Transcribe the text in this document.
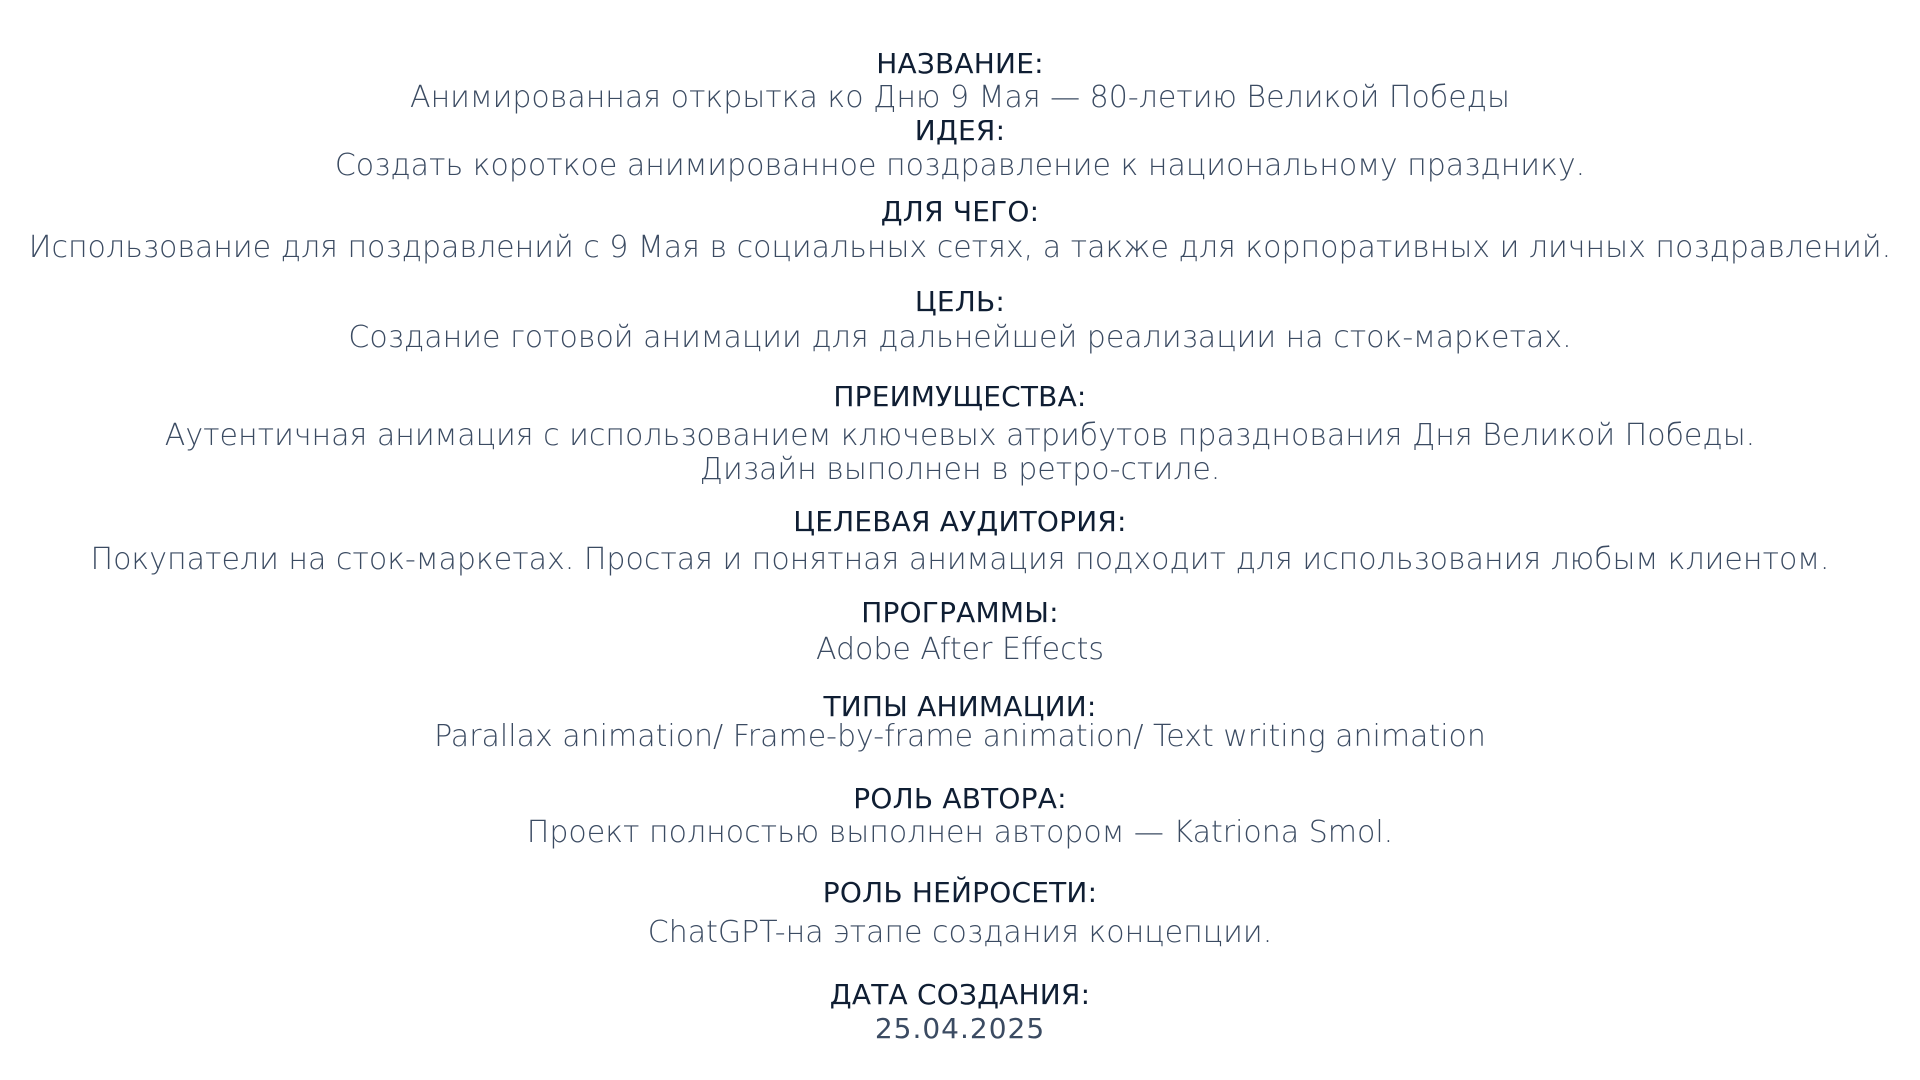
НАЗВАНИЕ:
Анимированная открытка ко Дню 9 Мая — 80-летию Великой Победы
ИДЕЯ:
Создать короткое анимированное поздравление к национальному празднику.
ДЛЯ ЧЕГО:
Использование для поздравлений с 9 Мая в социальных сетях, а также для корпоративных и личных поздравлений.
ЦЕЛЬ:
Создание готовой анимации для дальнейшей реализации на сток-маркетах.
ПРЕИМУЩЕСТВА:
Аутентичная анимация с использованием ключевых атрибутов празднования Дня Великой Победы.
Дизайн выполнен в ретро-стиле.
ЦЕЛЕВАЯ АУДИТОРИЯ:
Покупатели на сток-маркетах. Простая и понятная анимация подходит для использования любым клиентом.
ПРОГРАММЫ:
Adobe After Effects
ТИПЫ АНИМАЦИИ:
Parallax animation/ Frame-by-frame animation/ Text writing animation
РОЛЬ АВТОРА:
Проект полностью выполнен автором — Katriona Smol.
РОЛЬ НЕЙРОСЕТИ:
ChatGPT-на этапе создания концепции.
ДАТА СОЗДАНИЯ:
25.04.2025
